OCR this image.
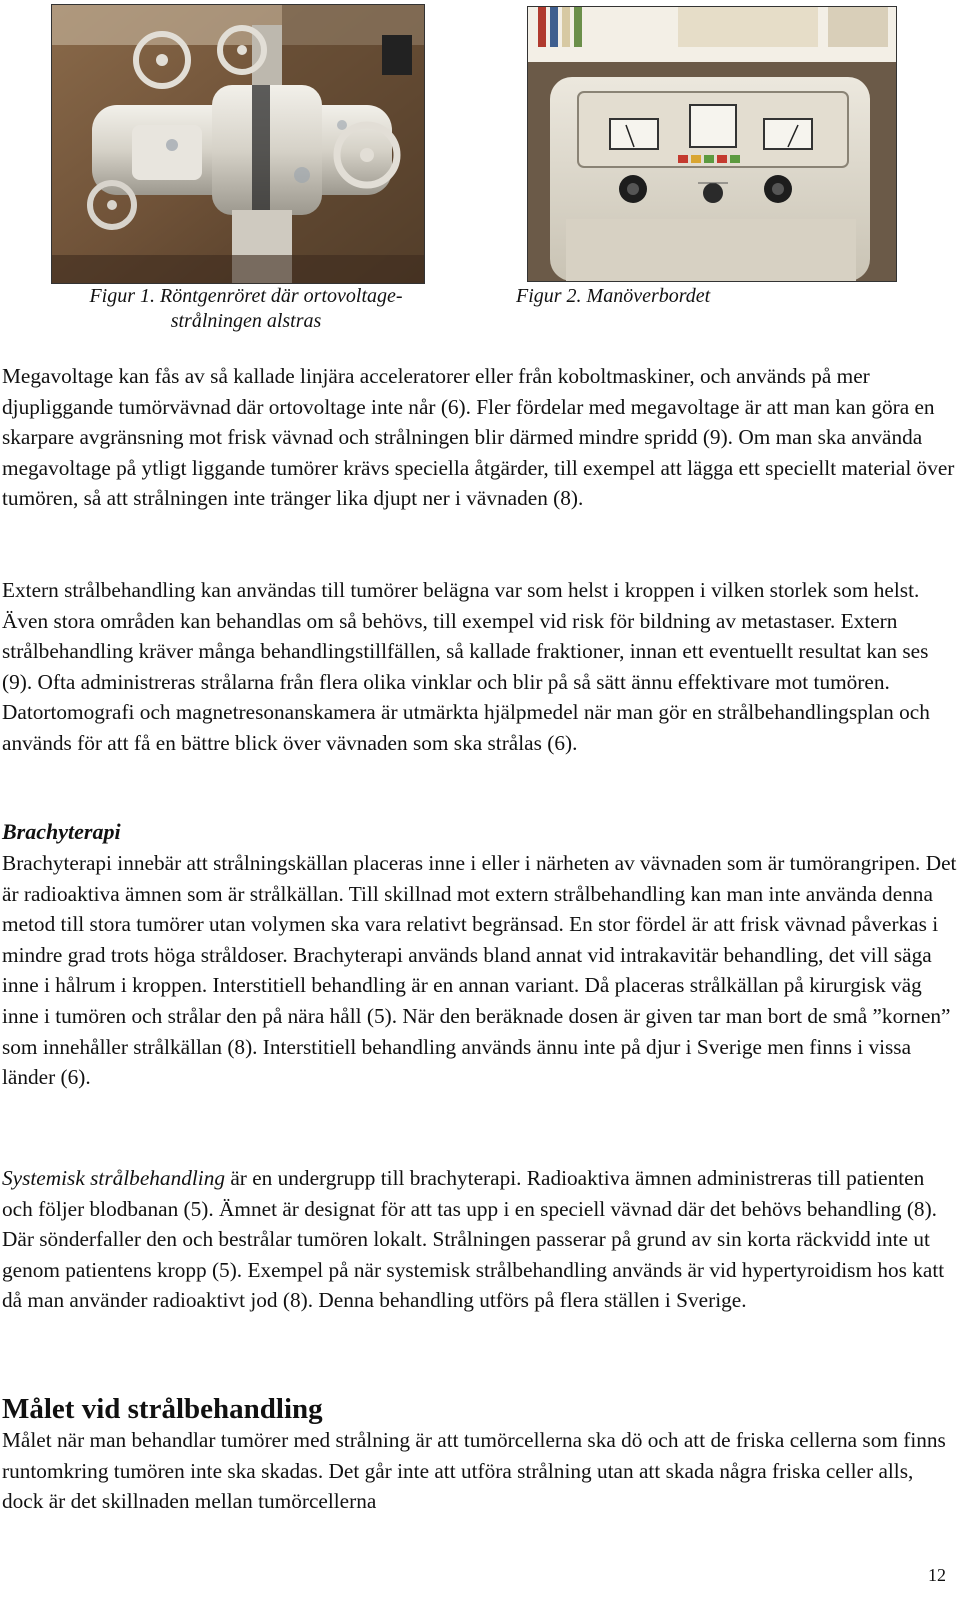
Figur 1. Röntgenröret där ortovoltage-
strålningen alstras
Figur 2. Manöverbordet

Megavoltage kan fås av så kallade linjära acceleratorer eller från koboltmaskiner, och används på mer djupliggande tumörvävnad där ortovoltage inte når (6). Fler fördelar med megavoltage är att man kan göra en skarpare avgränsning mot frisk vävnad och strålningen blir därmed mindre spridd (9). Om man ska använda megavoltage på ytligt liggande tumörer krävs speciella åtgärder, till exempel att lägga ett speciellt material över tumören, så att strålningen inte tränger lika djupt ner i vävnaden (8).

Extern strålbehandling kan användas till tumörer belägna var som helst i kroppen i vilken storlek som helst. Även stora områden kan behandlas om så behövs, till exempel vid risk för bildning av metastaser. Extern strålbehandling kräver många behandlingstillfällen, så kallade fraktioner, innan ett eventuellt resultat kan ses (9). Ofta administreras strålarna från flera olika vinklar och blir på så sätt ännu effektivare mot tumören. Datortomografi och magnetresonanskamera är utmärkta hjälpmedel när man gör en strålbehandlingsplan och används för att få en bättre blick över vävnaden som ska strålas (6).

Brachyterapi

Brachyterapi innebär att strålningskällan placeras inne i eller i närheten av vävnaden som är tumörangripen. Det är radioaktiva ämnen som är strålkällan. Till skillnad mot extern strålbehandling kan man inte använda denna metod till stora tumörer utan volymen ska vara relativt begränsad. En stor fördel är att frisk vävnad påverkas i mindre grad trots höga stråldoser. Brachyterapi används bland annat vid intrakavitär behandling, det vill säga inne i hålrum i kroppen. Interstitiell behandling är en annan variant. Då placeras strålkällan på kirurgisk väg inne i tumören och strålar den på nära håll (5). När den beräknade dosen är given tar man bort de små ”kornen” som innehåller strålkällan (8). Interstitiell behandling används ännu inte på djur i Sverige men finns i vissa länder (6).

Systemisk strålbehandling är en undergrupp till brachyterapi. Radioaktiva ämnen administreras till patienten och följer blodbanan (5). Ämnet är designat för att tas upp i en speciell vävnad där det behövs behandling (8). Där sönderfaller den och bestrålar tumören lokalt. Strålningen passerar på grund av sin korta räckvidd inte ut genom patientens kropp (5). Exempel på när systemisk strålbehandling används är vid hypertyroidism hos katt då man använder radioaktivt jod (8). Denna behandling utförs på flera ställen i Sverige.

Målet vid strålbehandling

Målet när man behandlar tumörer med strålning är att tumörcellerna ska dö och att de friska cellerna som finns runtomkring tumören inte ska skadas. Det går inte att utföra strålning utan att skada några friska celler alls, dock är det skillnaden mellan tumörcellerna

12
